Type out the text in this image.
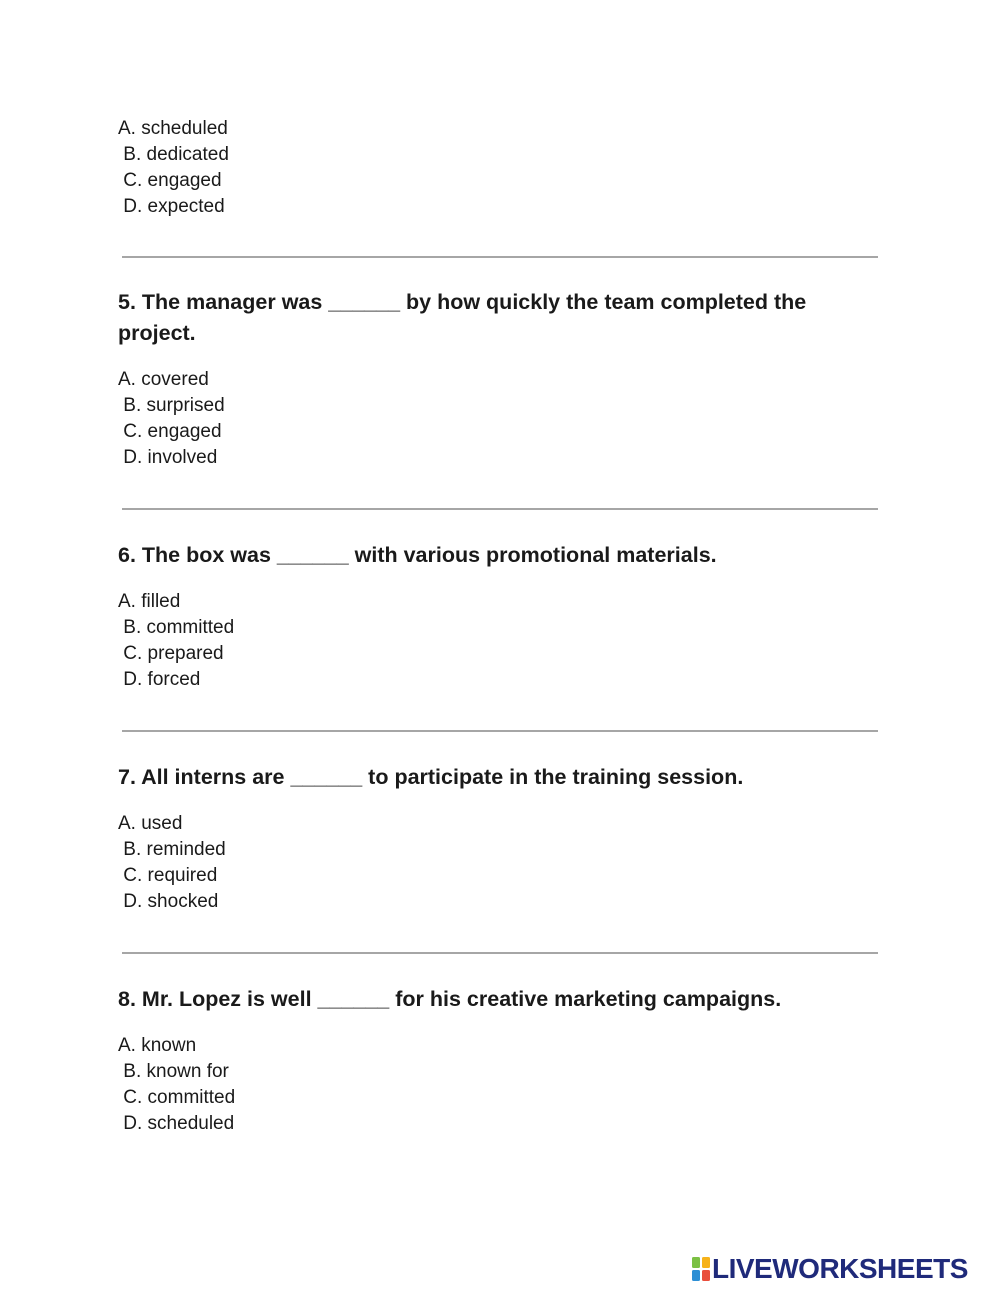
A. scheduled
B. dedicated
C. engaged
D. expected
5. The manager was ______ by how quickly the team completed the project.
A. covered
B. surprised
C. engaged
D. involved
6. The box was ______ with various promotional materials.
A. filled
B. committed
C. prepared
D. forced
7. All interns are ______ to participate in the training session.
A. used
B. reminded
C. required
D. shocked
8. Mr. Lopez is well ______ for his creative marketing campaigns.
A. known
B. known for
C. committed
D. scheduled
LIVEWORKSHEETS
